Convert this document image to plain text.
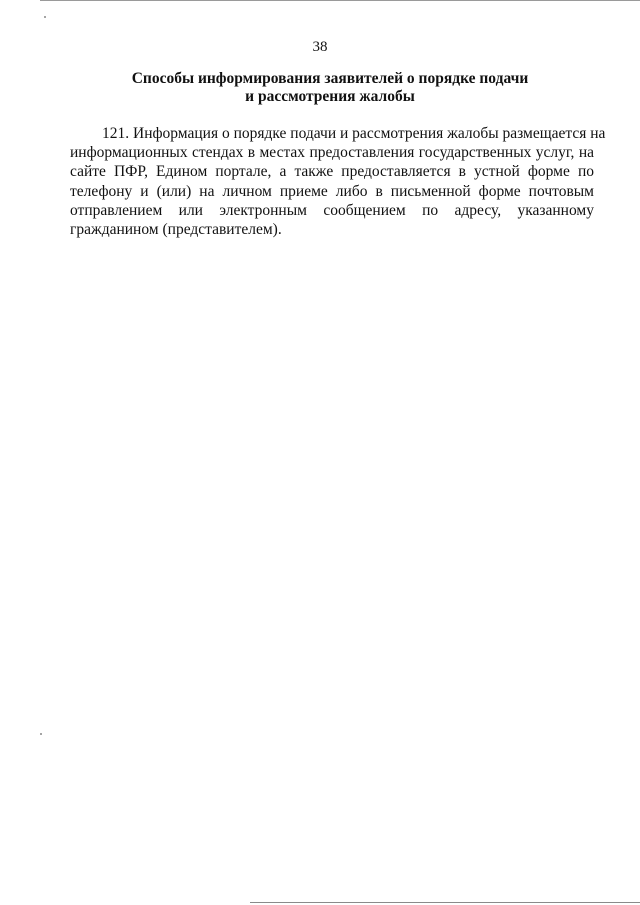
38
Способы информирования заявителей о порядке подачи
и рассмотрения жалобы
121. Информация о порядке подачи и рассмотрения жалобы размещается на
информационных стендах в местах предоставления государственных услуг, на
сайте ПФР, Едином портале, а также предоставляется в устной форме по
телефону и (или) на личном приеме либо в письменной форме почтовым
отправлением или электронным сообщением по адресу, указанному
гражданином (представителем).
